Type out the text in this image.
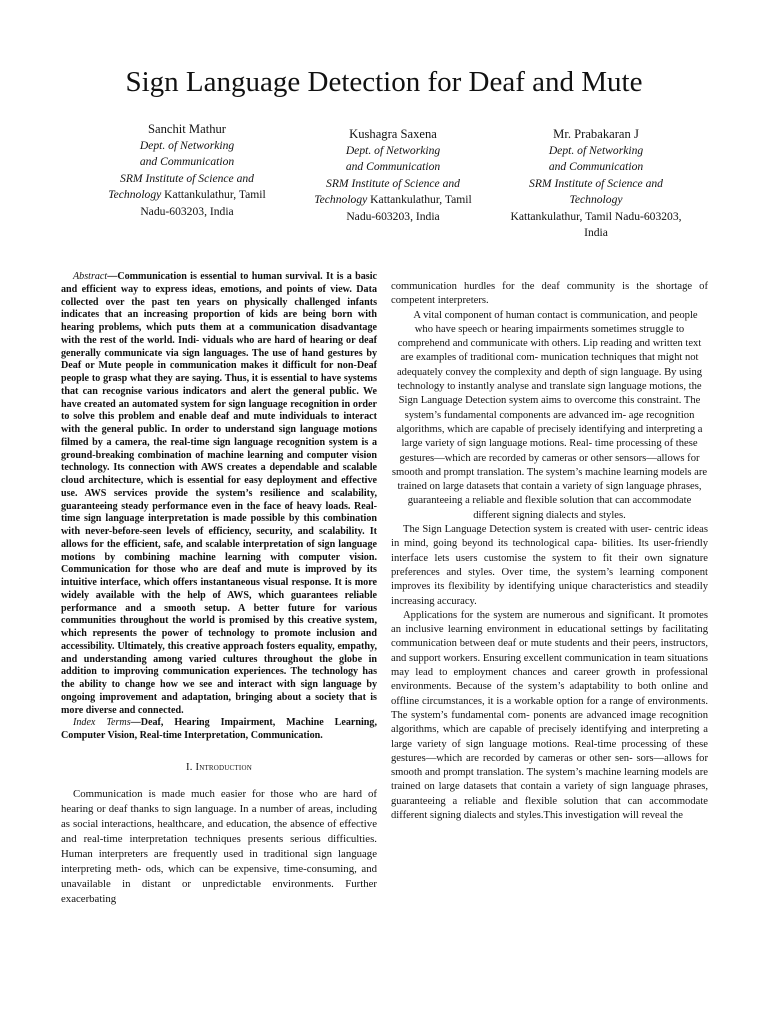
Sign Language Detection for Deaf and Mute
Sanchit Mathur
Dept. of Networking
and Communication
SRM Institute of Science and
Technology Kattankulathur, Tamil
Nadu-603203, India
Kushagra Saxena
Dept. of Networking
and Communication
SRM Institute of Science and
Technology Kattankulathur, Tamil
Nadu-603203, India
Mr. Prabakaran J
Dept. of Networking
and Communication
SRM Institute of Science and Technology
Kattankulathur, Tamil Nadu-603203,
India

Abstract—Communication is essential to human survival. It is a basic and efficient way to express ideas, emotions, and points of view. Data collected over the past ten years on physically challenged infants indicates that an increasing proportion of kids are being born with hearing problems, which puts them at a communication disadvantage with the rest of the world. Indi- viduals who are hard of hearing or deaf generally communicate via sign languages. The use of hand gestures by Deaf or Mute people in communication makes it difficult for non-Deaf people to grasp what they are saying. Thus, it is essential to have systems that can recognise various indicators and alert the general public. We have created an automated system for sign language recognition in order to solve this problem and enable deaf and mute individuals to interact with the general public. In order to understand sign language motions filmed by a camera, the real-time sign language recognition system is a ground-breaking combination of machine learning and computer vision technology. Its connection with AWS creates a dependable and scalable cloud architecture, which is essential for easy deployment and effective use. AWS services provide the system’s resilience and scalability, guaranteeing steady performance even in the face of heavy loads. Real-time sign language interpretation is made possible by this combination with never-before-seen levels of efficiency, security, and scalability. It allows for the efficient, safe, and scalable interpretation of sign language motions by combining machine learning with computer vision. Communication for those who are deaf and mute is improved by its intuitive interface, which offers instantaneous visual response. It is more widely available with the help of AWS, which guarantees reliable performance and a smooth setup. A better future for various communities throughout the world is promised by this creative system, which represents the power of technology to promote inclusion and accessibility. Ultimately, this creative approach fosters equality, empathy, and understanding among varied cultures throughout the globe in addition to improving communication experiences. The technology has the ability to change how we see and interact with sign language by ongoing improvement and adaptation, bringing about a society that is more diverse and connected.

Index Terms—Deaf, Hearing Impairment, Machine Learning, Computer Vision, Real-time Interpretation, Communication.

I. Introduction

Communication is made much easier for those who are hard of hearing or deaf thanks to sign language. In a number of areas, including as social interactions, healthcare, and education, the absence of effective and real-time interpretation techniques presents serious difficulties. Human interpreters are frequently used in traditional sign language interpreting meth- ods, which can be expensive, time-consuming, and unavailable in distant or unpredictable environments. Further exacerbating

communication hurdles for the deaf community is the shortage of competent interpreters.

A vital component of human contact is communication, and people who have speech or hearing impairments sometimes struggle to comprehend and communicate with others. Lip reading and written text are examples of traditional com- munication techniques that might not adequately convey the complexity and depth of sign language. By using technology to instantly analyse and translate sign language motions, the Sign Language Detection system aims to overcome this constraint. The system’s fundamental components are advanced im- age recognition algorithms, which are capable of precisely identifying and interpreting a large variety of sign language motions. Real- time processing of these gestures—which are recorded by cameras or other sensors—allows for smooth and prompt translation. The system’s machine learning models are trained on large datasets that contain a variety of sign language phrases, guaranteeing a reliable and flexible solution that can accommodate different signing dialects and styles.

The Sign Language Detection system is created with user- centric ideas in mind, going beyond its technological capa- bilities. Its user-friendly interface lets users customise the system to fit their own signature preferences and styles. Over time, the system’s learning component improves its flexibility by identifying unique characteristics and steadily increasing accuracy.

Applications for the system are numerous and significant. It promotes an inclusive learning environment in educational settings by facilitating communication between deaf or mute students and their peers, instructors, and support workers. Ensuring excellent communication in team situations may lead to employment chances and career growth in professional environments. Because of the system’s adaptability to both online and offline circumstances, it is a workable option for a range of environments. The system’s fundamental com- ponents are advanced image recognition algorithms, which are capable of precisely identifying and interpreting a large variety of sign language motions. Real-time processing of these gestures—which are recorded by cameras or other sen- sors—allows for smooth and prompt translation. The system’s machine learning models are trained on large datasets that contain a variety of sign language phrases, guaranteeing a reliable and flexible solution that can accommodate different signing dialects and styles.This investigation will reveal the
